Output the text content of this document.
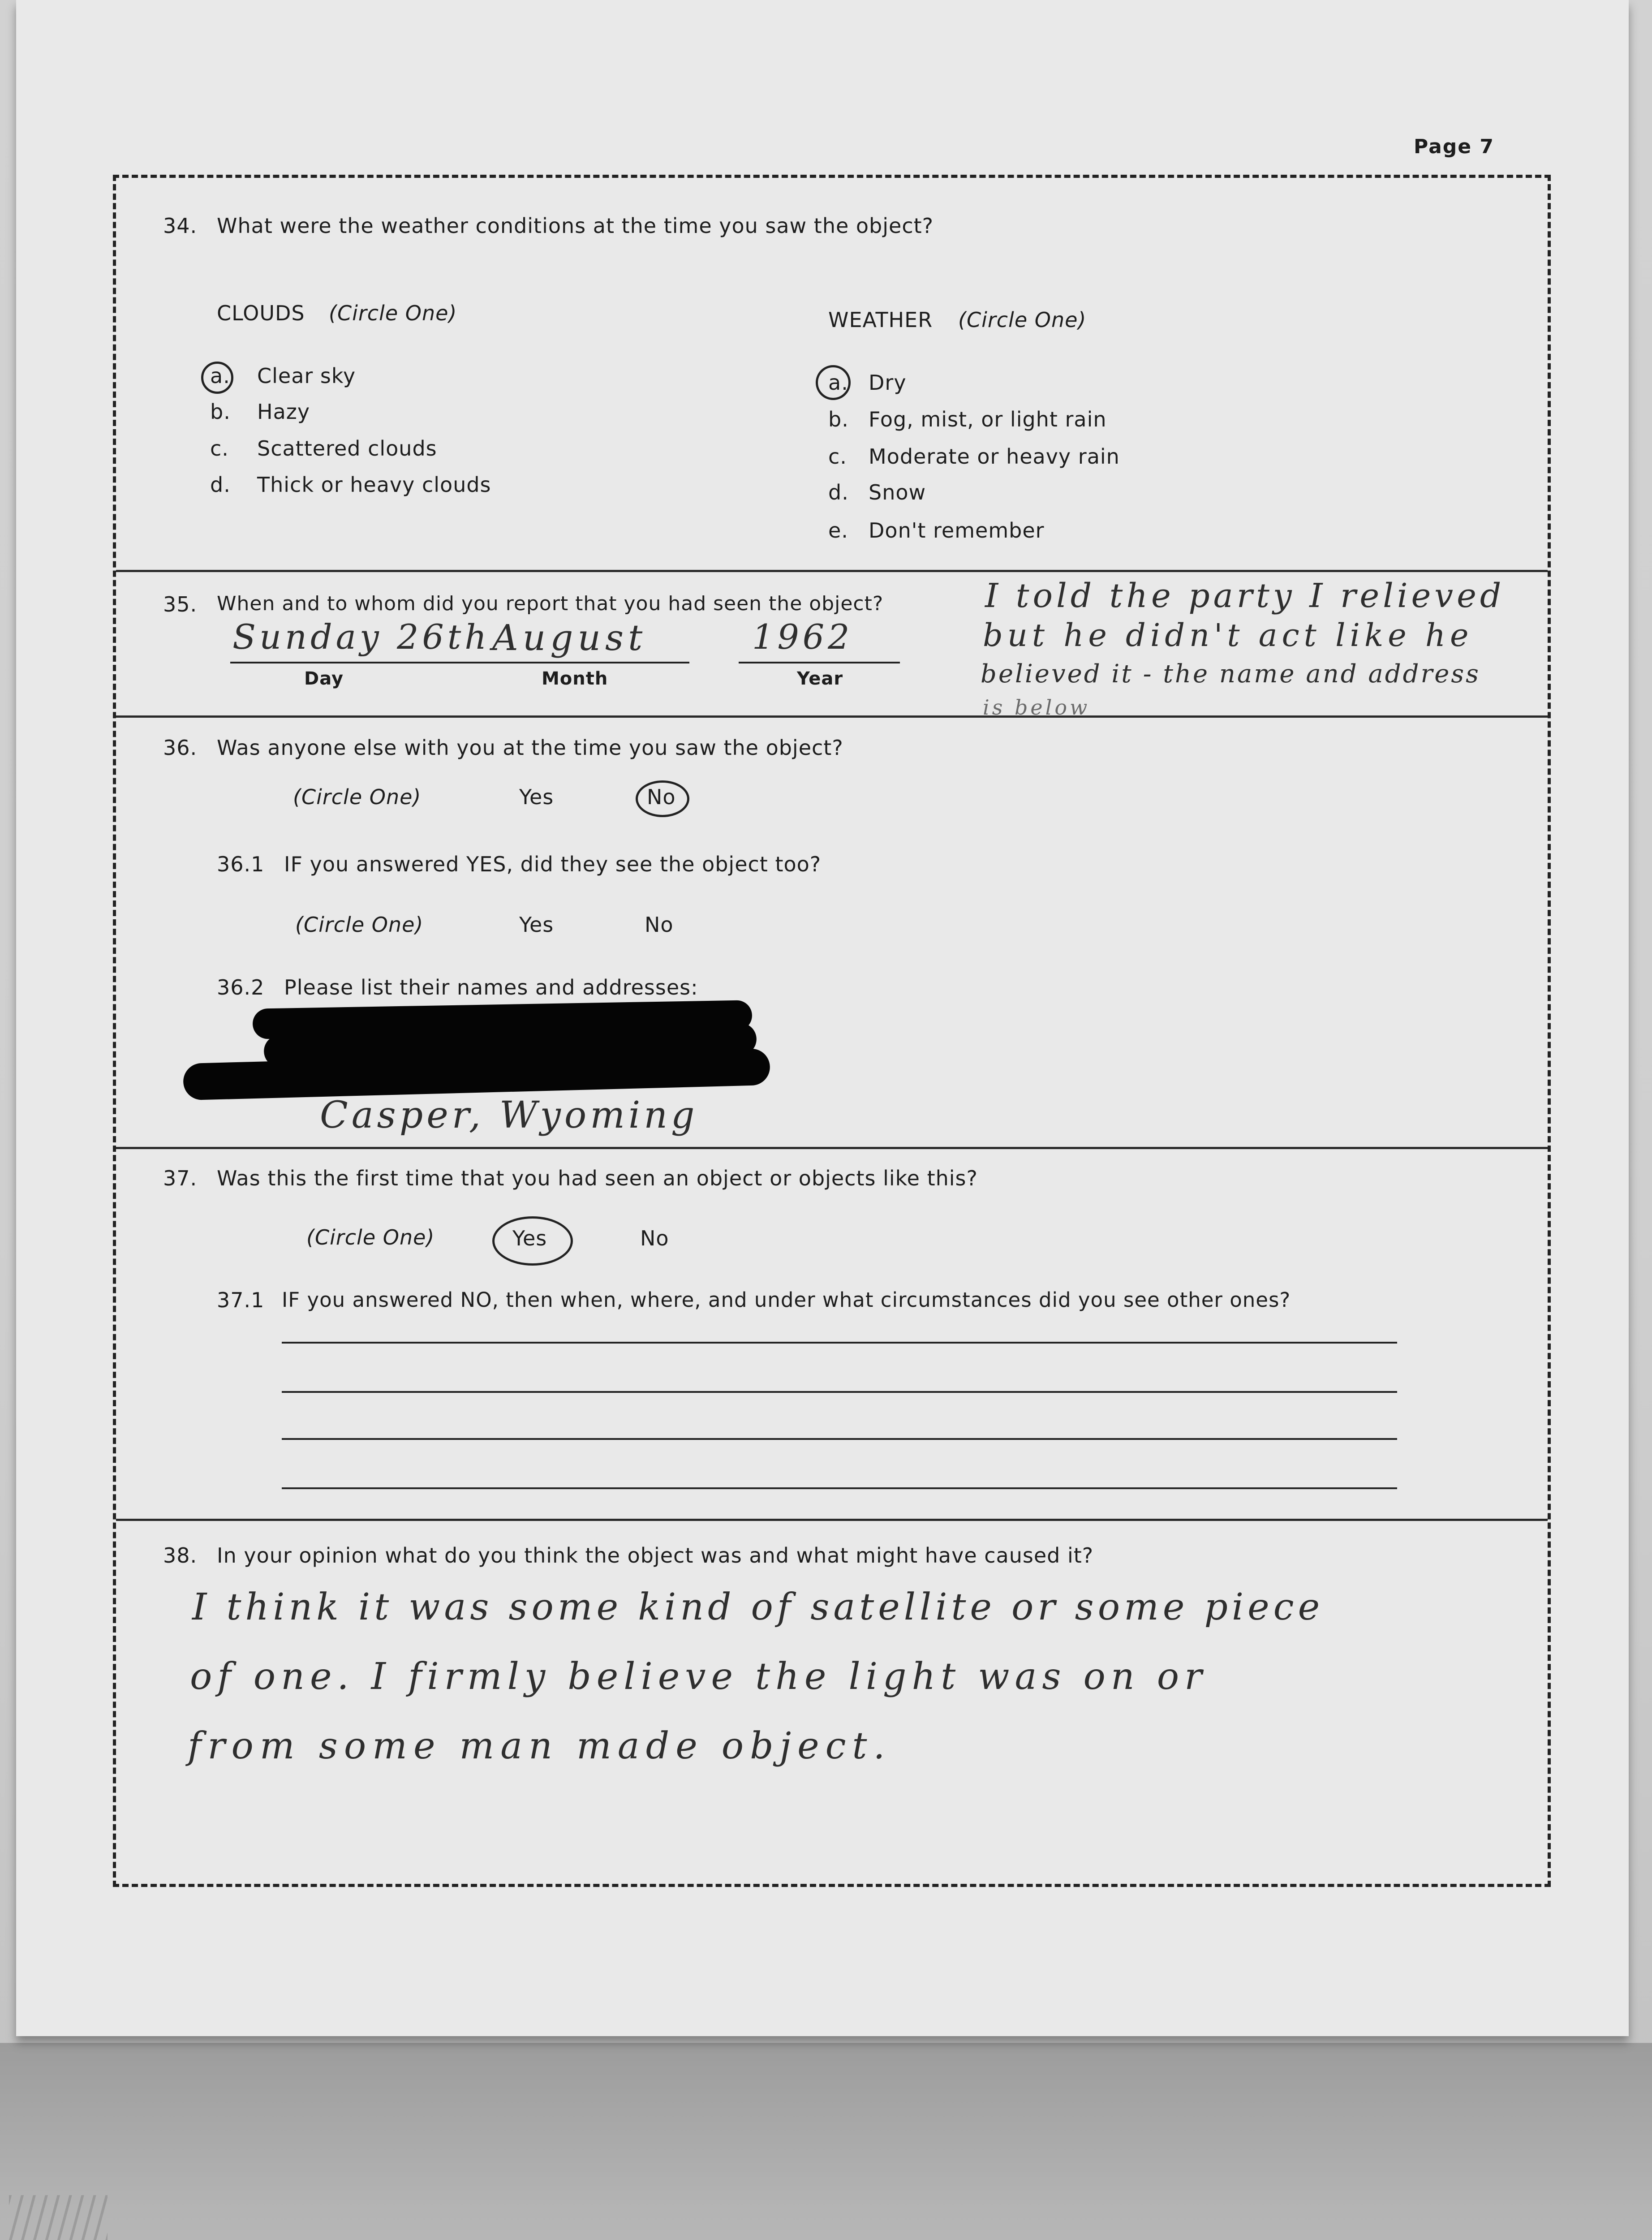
Page 7
34. What were the weather conditions at the time you saw the object?
CLOUDS (Circle One)
a. Clear sky
b. Hazy
c. Scattered clouds
d. Thick or heavy clouds
WEATHER (Circle One)
a. Dry
b. Fog, mist, or light rain
c. Moderate or heavy rain
d. Snow
e. Don't remember
35. When and to whom did you report that you had seen the object?
Sunday 26th
Day
August
Month
1962
Year
I told the party I relieved
but he didn't act like he
believed it - the name and address
is below
36. Was anyone else with you at the time you saw the object?
(Circle One)	Yes	No
36.1 IF you answered YES, did they see the object too?
(Circle One)	Yes	No
36.2 Please list their names and addresses:
Casper, Wyoming
37. Was this the first time that you had seen an object or objects like this?
(Circle One)	Yes	No
37.1 IF you answered NO, then when, where, and under what circumstances did you see other ones?
38. In your opinion what do you think the object was and what might have caused it?
I think it was some kind of satellite or some piece
of one. I firmly believe the light was on or
from some man made object.
